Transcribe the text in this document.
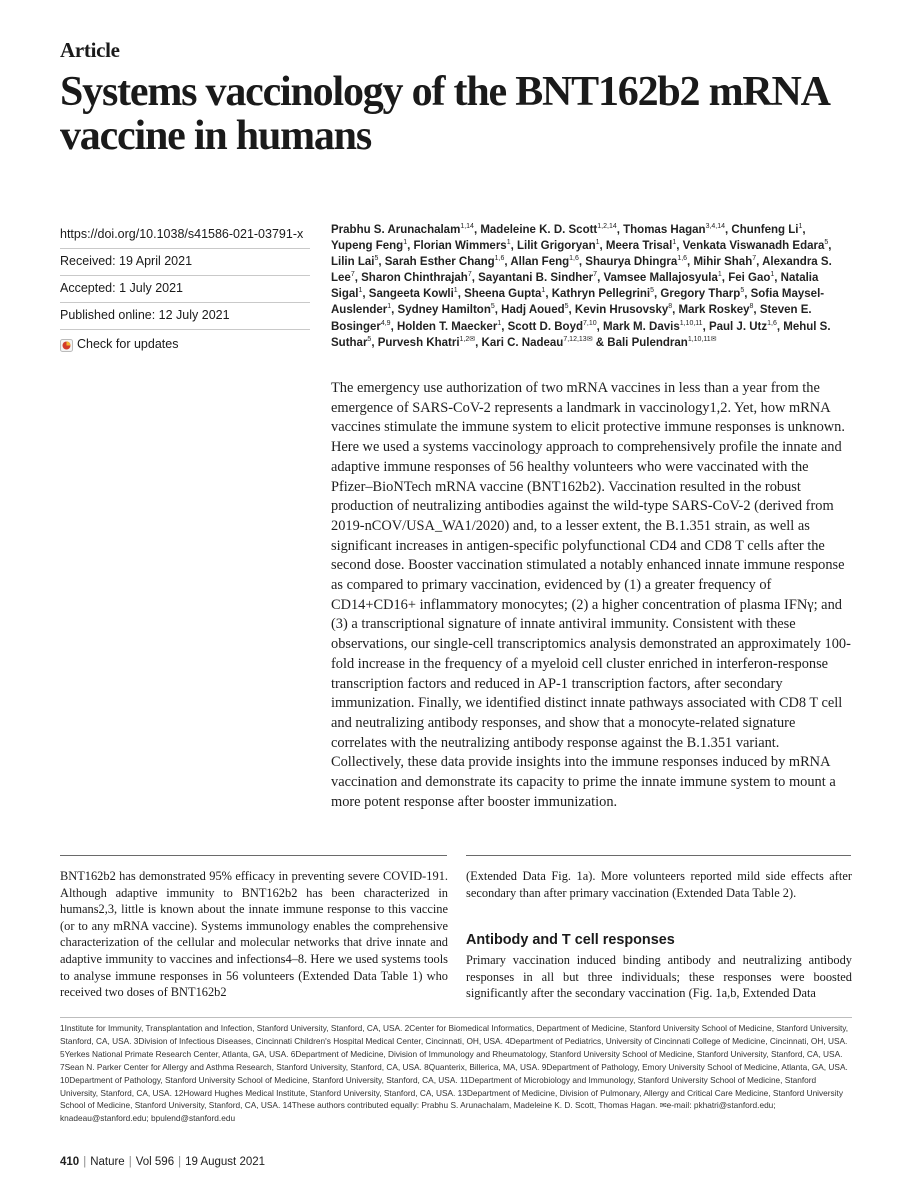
Article
Systems vaccinology of the BNT162b2 mRNA vaccine in humans
https://doi.org/10.1038/s41586-021-03791-x
Received: 19 April 2021
Accepted: 1 July 2021
Published online: 12 July 2021
Check for updates
Prabhu S. Arunachalam$^{1,14}$, Madeleine K. D. Scott$^{1,2,14}$, Thomas Hagan$^{3,4,14}$, Chunfeng Li$^1$, Yupeng Feng$^1$, Florian Wimmers$^1$, Lilit Grigoryan$^1$, Meera Trisal$^1$, Venkata Viswanadh Edara$^5$, Lilin Lai$^5$, Sarah Esther Chang$^{1,6}$, Allan Feng$^{1,6}$, Shaurya Dhingra$^{1,6}$, Mihir Shah$^7$, Alexandra S. Lee$^7$, Sharon Chinthrajah$^7$, Sayantani B. Sindher$^7$, Vamsee Mallajosyula$^1$, Fei Gao$^1$, Natalia Sigal$^1$, Sangeeta Kowli$^1$, Sheena Gupta$^1$, Kathryn Pellegrini$^5$, Gregory Tharp$^5$, Sofia Maysel-Auslender$^1$, Sydney Hamilton$^5$, Hadj Aoued$^5$, Kevin Hrusovsky$^8$, Mark Roskey$^8$, Steven E. Bosinger$^{4,9}$, Holden T. Maecker$^1$, Scott D. Boyd$^{7,10}$, Mark M. Davis$^{1,10,11}$, Paul J. Utz$^{1,6}$, Mehul S. Suthar$^5$, Purvesh Khatri$^{1,2✉}$, Kari C. Nadeau$^{7,12,13✉}$ & Bali Pulendran$^{1,10,11✉}$
The emergency use authorization of two mRNA vaccines in less than a year from the emergence of SARS-CoV-2 represents a landmark in vaccinology1,2. Yet, how mRNA vaccines stimulate the immune system to elicit protective immune responses is unknown. Here we used a systems vaccinology approach to comprehensively profile the innate and adaptive immune responses of 56 healthy volunteers who were vaccinated with the Pfizer–BioNTech mRNA vaccine (BNT162b2). Vaccination resulted in the robust production of neutralizing antibodies against the wild-type SARS-CoV-2 (derived from 2019-nCOV/USA_WA1/2020) and, to a lesser extent, the B.1.351 strain, as well as significant increases in antigen-specific polyfunctional CD4 and CD8 T cells after the second dose. Booster vaccination stimulated a notably enhanced innate immune response as compared to primary vaccination, evidenced by (1) a greater frequency of CD14+CD16+ inflammatory monocytes; (2) a higher concentration of plasma IFNγ; and (3) a transcriptional signature of innate antiviral immunity. Consistent with these observations, our single-cell transcriptomics analysis demonstrated an approximately 100-fold increase in the frequency of a myeloid cell cluster enriched in interferon-response transcription factors and reduced in AP-1 transcription factors, after secondary immunization. Finally, we identified distinct innate pathways associated with CD8 T cell and neutralizing antibody responses, and show that a monocyte-related signature correlates with the neutralizing antibody response against the B.1.351 variant. Collectively, these data provide insights into the immune responses induced by mRNA vaccination and demonstrate its capacity to prime the innate immune system to mount a more potent response after booster immunization.
BNT162b2 has demonstrated 95% efficacy in preventing severe COVID-191. Although adaptive immunity to BNT162b2 has been characterized in humans2,3, little is known about the innate immune response to this vaccine (or to any mRNA vaccine). Systems immunology enables the comprehensive characterization of the cellular and molecular networks that drive innate and adaptive immunity to vaccines and infections4–8. Here we used systems tools to analyse immune responses in 56 volunteers (Extended Data Table 1) who received two doses of BNT162b2
(Extended Data Fig. 1a). More volunteers reported mild side effects after secondary than after primary vaccination (Extended Data Table 2).
Antibody and T cell responses
Primary vaccination induced binding antibody and neutralizing antibody responses in all but three individuals; these responses were boosted significantly after the secondary vaccination (Fig. 1a,b, Extended Data
1Institute for Immunity, Transplantation and Infection, Stanford University, Stanford, CA, USA. 2Center for Biomedical Informatics, Department of Medicine, Stanford University School of Medicine, Stanford University, Stanford, CA, USA. 3Division of Infectious Diseases, Cincinnati Children's Hospital Medical Center, Cincinnati, OH, USA. 4Department of Pediatrics, University of Cincinnati College of Medicine, Cincinnati, OH, USA. 5Yerkes National Primate Research Center, Atlanta, GA, USA. 6Department of Medicine, Division of Immunology and Rheumatology, Stanford University School of Medicine, Stanford University, Stanford, CA, USA. 7Sean N. Parker Center for Allergy and Asthma Research, Stanford University, Stanford, CA, USA. 8Quanterix, Billerica, MA, USA. 9Department of Pathology, Emory University School of Medicine, Atlanta, GA, USA. 10Department of Pathology, Stanford University School of Medicine, Stanford University, Stanford, CA, USA. 11Department of Microbiology and Immunology, Stanford University School of Medicine, Stanford University, Stanford, CA, USA. 12Howard Hughes Medical Institute, Stanford University, Stanford, CA, USA. 13Department of Medicine, Division of Pulmonary, Allergy and Critical Care Medicine, Stanford University School of Medicine, Stanford University, Stanford, CA, USA. 14These authors contributed equally: Prabhu S. Arunachalam, Madeleine K. D. Scott, Thomas Hagan. ✉e-mail: pkhatri@stanford.edu; knadeau@stanford.edu; bpulend@stanford.edu
410 | Nature | Vol 596 | 19 August 2021
